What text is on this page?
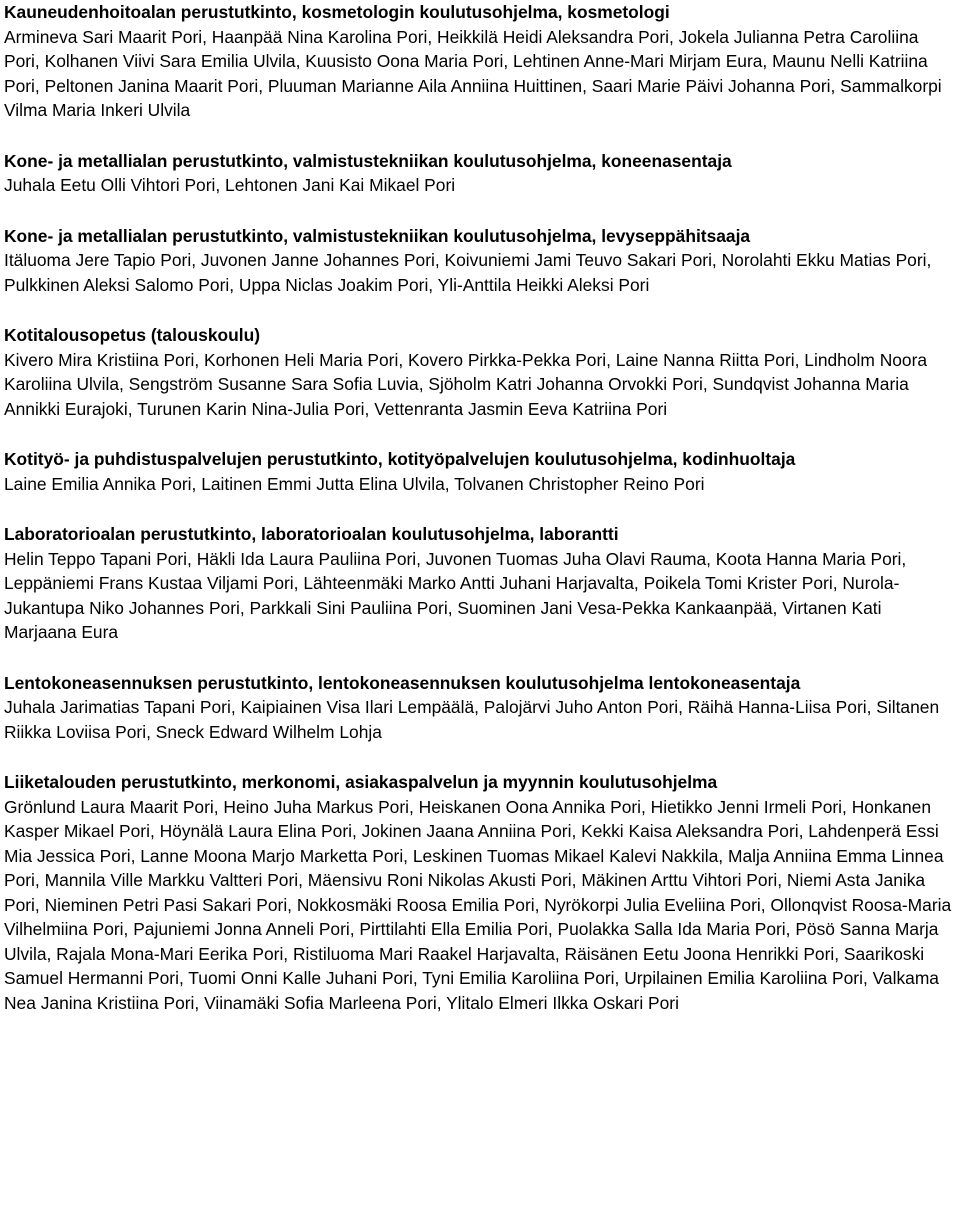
Kauneudenhoitoalan perustutkinto, kosmetologin koulutusohjelma, kosmetologi

Armineva Sari Maarit Pori, Haanpää Nina Karolina Pori, Heikkilä Heidi Aleksandra Pori, Jokela Julianna Petra Caroliina Pori, Kolhanen Viivi Sara Emilia Ulvila, Kuusisto Oona Maria Pori, Lehtinen Anne-Mari Mirjam Eura, Maunu Nelli Katriina Pori, Peltonen Janina Maarit Pori, Pluuman Marianne Aila Anniina Huittinen, Saari Marie Päivi Johanna Pori, Sammalkorpi Vilma Maria Inkeri Ulvila

Kone- ja metallialan perustutkinto, valmistustekniikan koulutusohjelma, koneenasentaja

Juhala Eetu Olli Vihtori Pori, Lehtonen Jani Kai Mikael Pori

Kone- ja metallialan perustutkinto, valmistustekniikan koulutusohjelma, levyseppähitsaaja

Itäluoma Jere Tapio Pori, Juvonen Janne Johannes Pori, Koivuniemi Jami Teuvo Sakari Pori, Norolahti Ekku Matias Pori, Pulkkinen Aleksi Salomo Pori, Uppa Niclas Joakim Pori, Yli-Anttila Heikki Aleksi Pori

Kotitalousopetus (talouskoulu)

Kivero Mira Kristiina Pori, Korhonen Heli Maria Pori, Kovero Pirkka-Pekka Pori, Laine Nanna Riitta Pori, Lindholm Noora Karoliina Ulvila, Sengström Susanne Sara Sofia Luvia, Sjöholm Katri Johanna Orvokki Pori, Sundqvist Johanna Maria Annikki Eurajoki, Turunen Karin Nina-Julia Pori, Vettenranta Jasmin Eeva Katriina Pori

Kotityö- ja puhdistuspalvelujen perustutkinto, kotityöpalvelujen koulutusohjelma, kodinhuoltaja

Laine Emilia Annika Pori, Laitinen Emmi Jutta Elina Ulvila, Tolvanen Christopher Reino Pori

Laboratorioalan perustutkinto, laboratorioalan koulutusohjelma, laborantti

Helin Teppo Tapani Pori, Häkli Ida Laura Pauliina Pori, Juvonen Tuomas Juha Olavi Rauma, Koota Hanna Maria Pori, Leppäniemi Frans Kustaa Viljami Pori, Lähteenmäki Marko Antti Juhani Harjavalta, Poikela Tomi Krister Pori, Nurola-Jukantupa Niko Johannes Pori, Parkkali Sini Pauliina Pori, Suominen Jani Vesa-Pekka Kankaanpää, Virtanen Kati Marjaana Eura

Lentokoneasennuksen perustutkinto, lentokoneasennuksen koulutusohjelma lentokoneasentaja

Juhala Jarimatias Tapani Pori, Kaipiainen Visa Ilari Lempäälä, Palojärvi Juho Anton Pori, Räihä Hanna-Liisa Pori, Siltanen Riikka Loviisa Pori, Sneck Edward Wilhelm Lohja

Liiketalouden perustutkinto, merkonomi, asiakaspalvelun ja myynnin koulutusohjelma

Grönlund Laura Maarit Pori, Heino Juha Markus Pori, Heiskanen Oona Annika Pori, Hietikko Jenni Irmeli Pori, Honkanen Kasper Mikael Pori, Höynälä Laura Elina Pori, Jokinen Jaana Anniina Pori, Kekki Kaisa Aleksandra Pori, Lahdenperä Essi Mia Jessica Pori, Lanne Moona Marjo Marketta Pori, Leskinen Tuomas Mikael Kalevi Nakkila, Malja Anniina Emma Linnea Pori, Mannila Ville Markku Valtteri Pori, Mäensivu Roni Nikolas Akusti Pori, Mäkinen Arttu Vihtori Pori, Niemi Asta Janika Pori, Nieminen Petri Pasi Sakari Pori, Nokkosmäki Roosa Emilia Pori, Nyrökorpi Julia Eveliina Pori, Ollonqvist Roosa-Maria Vilhelmiina Pori, Pajuniemi Jonna Anneli Pori, Pirttilahti Ella Emilia Pori, Puolakka Salla Ida Maria Pori, Pösö Sanna Marja Ulvila, Rajala Mona-Mari Eerika Pori, Ristiluoma Mari Raakel Harjavalta, Räisänen Eetu Joona Henrikki Pori, Saarikoski Samuel Hermanni Pori, Tuomi Onni Kalle Juhani Pori, Tyni Emilia Karoliina Pori, Urpilainen Emilia Karoliina Pori, Valkama Nea Janina Kristiina Pori, Viinamäki Sofia Marleena Pori, Ylitalo Elmeri Ilkka Oskari Pori
